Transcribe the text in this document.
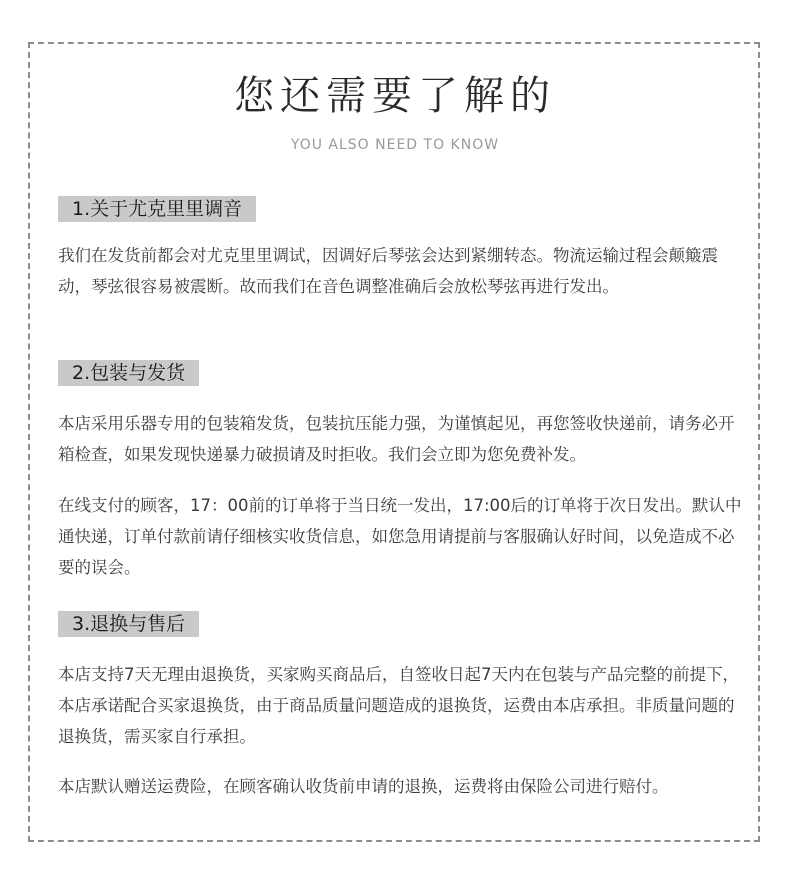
您还需要了解的
YOU ALSO NEED TO KNOW
1.关于尤克里里调音

我们在发货前都会对尤克里里调试，因调好后琴弦会达到紧绷转态。物流运输过程会颠簸震动，琴弦很容易被震断。故而我们在音色调整准确后会放松琴弦再进行发出。

2.包装与发货

本店采用乐器专用的包装箱发货，包装抗压能力强，为谨慎起见，再您签收快递前，请务必开箱检查，如果发现快递暴力破损请及时拒收。我们会立即为您免费补发。

在线支付的顾客，17：00前的订单将于当日统一发出，17:00后的订单将于次日发出。默认中通快递，订单付款前请仔细核实收货信息，如您急用请提前与客服确认好时间，以免造成不必要的误会。

3.退换与售后

本店支持7天无理由退换货，买家购买商品后，自签收日起7天内在包装与产品完整的前提下，本店承诺配合买家退换货，由于商品质量问题造成的退换货，运费由本店承担。非质量问题的退换货，需买家自行承担。

本店默认赠送运费险，在顾客确认收货前申请的退换，运费将由保险公司进行赔付。
